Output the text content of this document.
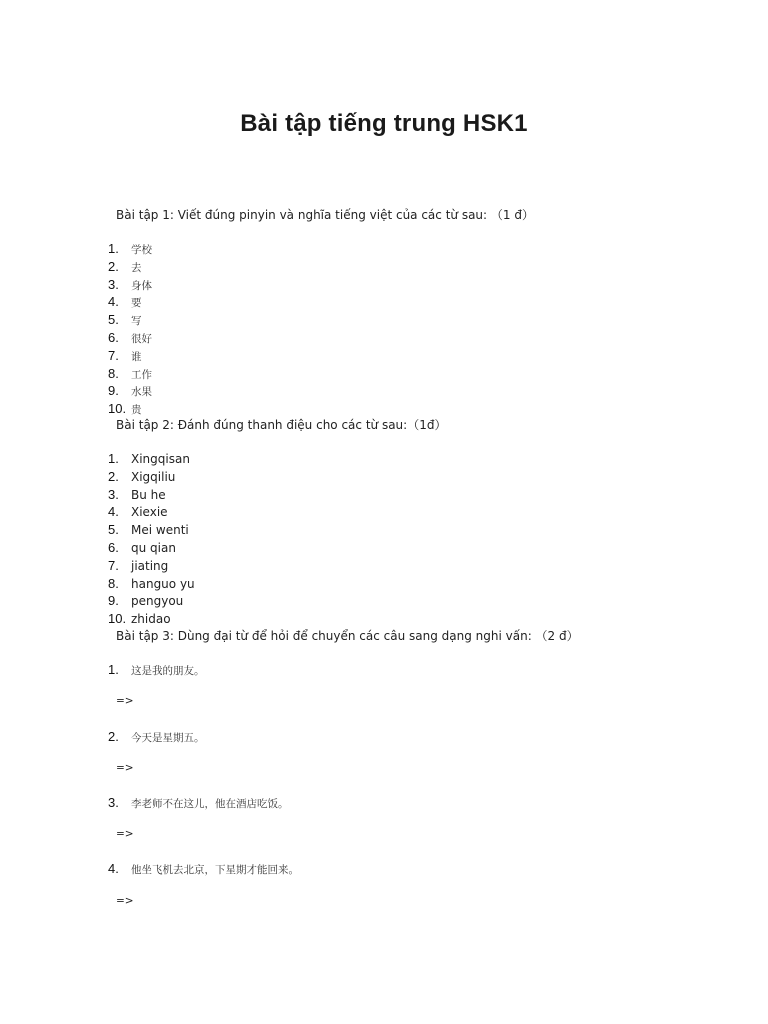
Bài tập tiếng trung HSK1
Bài tập 1: Viết đúng pinyin và nghĩa tiếng việt của các từ sau: （1 đ）
1. 学校
2. 去
3. 身体
4. 要
5. 写
6. 很好
7. 谁
8. 工作
9. 水果
10. 贵
Bài tập 2: Đánh đúng thanh điệu cho các từ sau:（1đ）
1. Xingqisan
2. Xigqiliu
3. Bu he
4. Xiexie
5. Mei wenti
6. qu qian
7. jiating
8. hanguo yu
9. pengyou
10. zhidao
Bài tập 3: Dùng đại từ để hỏi để chuyển các câu sang dạng nghi vấn: （2 đ）
1. 这是我的朋友。
=>
2. 今天是星期五。
=>
3. 李老师不在这儿，他在酒店吃饭。
=>
4. 他坐飞机去北京，下星期才能回来。
=>
